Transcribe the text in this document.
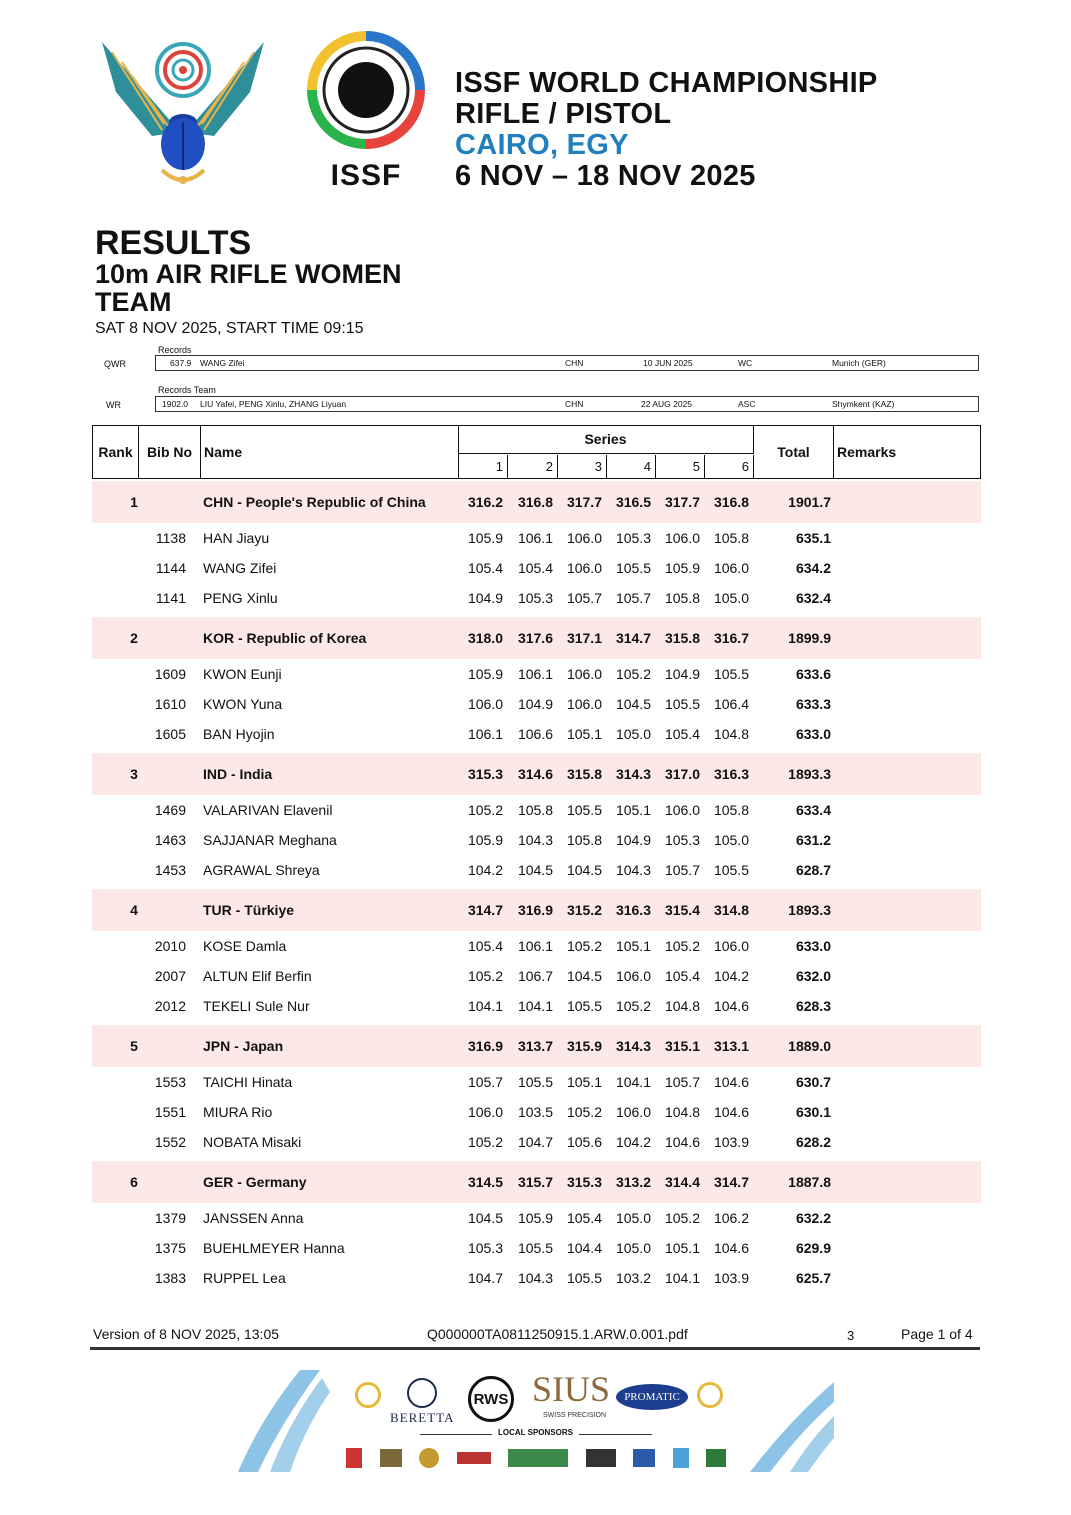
ISSF
ISSF WORLD CHAMPIONSHIP
RIFLE / PISTOL
CAIRO, EGY
6 NOV – 18 NOV 2025
RESULTS
10m AIR RIFLE WOMEN
TEAM
SAT 8 NOV 2025, START TIME 09:15
Records
QWR	637.9 WANG Zifei	CHN	10 JUN 2025	WC	Munich (GER)
Records Team
WR	1902.0 LIU Yafei, PENG Xinlu, ZHANG Liyuan	CHN	22 AUG 2025	ASC	Shymkent (KAZ)
Rank	Bib No Name
Series
1	2	3	4	5	6
Total	Remarks
1	CHN - People's Republic of China	316.2	316.8 317.7 316.5 317.7 316.8	1901.7
1138 HAN Jiayu	105.9	106.1 106.0 105.3 106.0 105.8	635.1
1144 WANG Zifei	105.4	105.4 106.0 105.5 105.9 106.0	634.2
1141 PENG Xinlu	104.9	105.3 105.7 105.7 105.8 105.0	632.4
2	KOR - Republic of Korea	318.0	317.6 317.1 314.7 315.8 316.7	1899.9
1609 KWON Eunji	105.9	106.1 106.0 105.2 104.9 105.5	633.6
1610 KWON Yuna	106.0	104.9 106.0 104.5 105.5 106.4	633.3
1605 BAN Hyojin	106.1	106.6 105.1 105.0 105.4 104.8	633.0
3	IND - India	315.3	314.6 315.8 314.3 317.0 316.3	1893.3
1469 VALARIVAN Elavenil	105.2	105.8 105.5 105.1 106.0 105.8	633.4
1463 SAJJANAR Meghana	105.9	104.3 105.8 104.9 105.3 105.0	631.2
1453 AGRAWAL Shreya	104.2	104.5 104.5 104.3 105.7 105.5	628.7
4	TUR - Türkiye	314.7	316.9 315.2 316.3 315.4 314.8	1893.3
2010 KOSE Damla	105.4	106.1 105.2 105.1 105.2 106.0	633.0
2007 ALTUN Elif Berfin	105.2	106.7 104.5 106.0 105.4 104.2	632.0
2012 TEKELI Sule Nur	104.1	104.1 105.5 105.2 104.8 104.6	628.3
5	JPN - Japan	316.9	313.7 315.9 314.3 315.1 313.1	1889.0
1553 TAICHI Hinata	105.7	105.5 105.1 104.1 105.7 104.6	630.7
1551 MIURA Rio	106.0	103.5 105.2 106.0 104.8 104.6	630.1
1552 NOBATA Misaki	105.2	104.7 105.6 104.2 104.6 103.9	628.2
6	GER - Germany	314.5	315.7 315.3 313.2 314.4 314.7	1887.8
1379 JANSSEN Anna	104.5	105.9 105.4 105.0 105.2 106.2	632.2
1375 BUEHLMEYER Hanna	105.3	105.5 104.4 105.0 105.1 104.6	629.9
1383 RUPPEL Lea	104.7	104.3 105.5 103.2 104.1 103.9	625.7
Version of 8 NOV 2025, 13:05	Q000000TA0811250915.1.ARW.0.001.pdf	3	Page 1 of 4
BERETTA
RWS SIUS
SWISS PRECISION
PROMATIC
LOCAL SPONSORS
